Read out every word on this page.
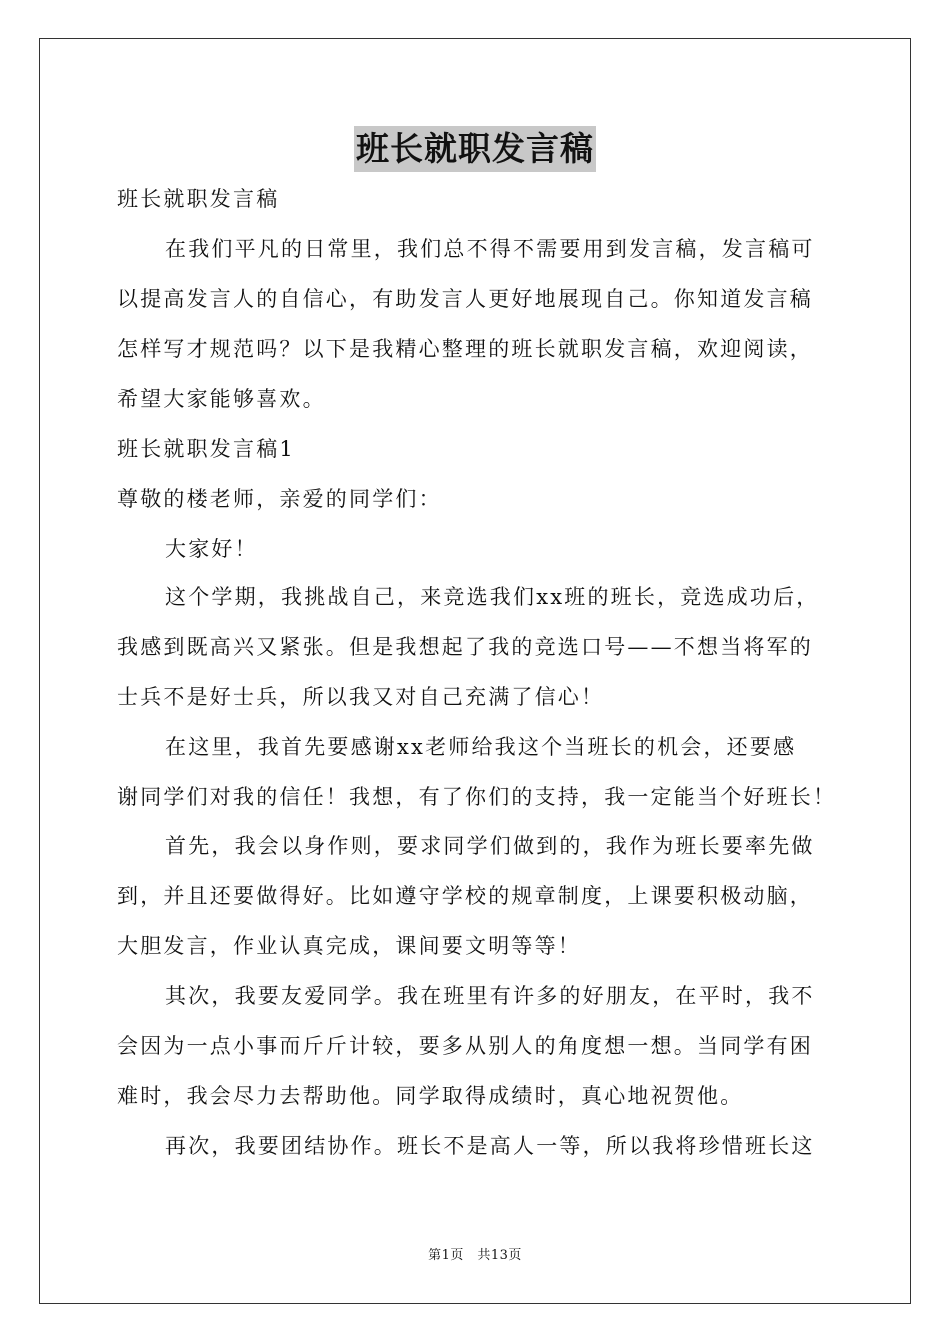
班长就职发言稿
班长就职发言稿
在我们平凡的日常里，我们总不得不需要用到发言稿，发言稿可
以提高发言人的自信心，有助发言人更好地展现自己。你知道发言稿
怎样写才规范吗？以下是我精心整理的班长就职发言稿，欢迎阅读，
希望大家能够喜欢。
班长就职发言稿1
尊敬的楼老师，亲爱的同学们：
大家好！
这个学期，我挑战自己，来竞选我们xx班的班长，竞选成功后，
我感到既高兴又紧张。但是我想起了我的竞选口号——不想当将军的
士兵不是好士兵，所以我又对自己充满了信心！
在这里，我首先要感谢xx老师给我这个当班长的机会，还要感
谢同学们对我的信任！我想，有了你们的支持，我一定能当个好班长！
首先，我会以身作则，要求同学们做到的，我作为班长要率先做
到，并且还要做得好。比如遵守学校的规章制度，上课要积极动脑，
大胆发言，作业认真完成，课间要文明等等！
其次，我要友爱同学。我在班里有许多的好朋友，在平时，我不
会因为一点小事而斤斤计较，要多从别人的角度想一想。当同学有困
难时，我会尽力去帮助他。同学取得成绩时，真心地祝贺他。
再次，我要团结协作。班长不是高人一等，所以我将珍惜班长这
第1页　共13页
